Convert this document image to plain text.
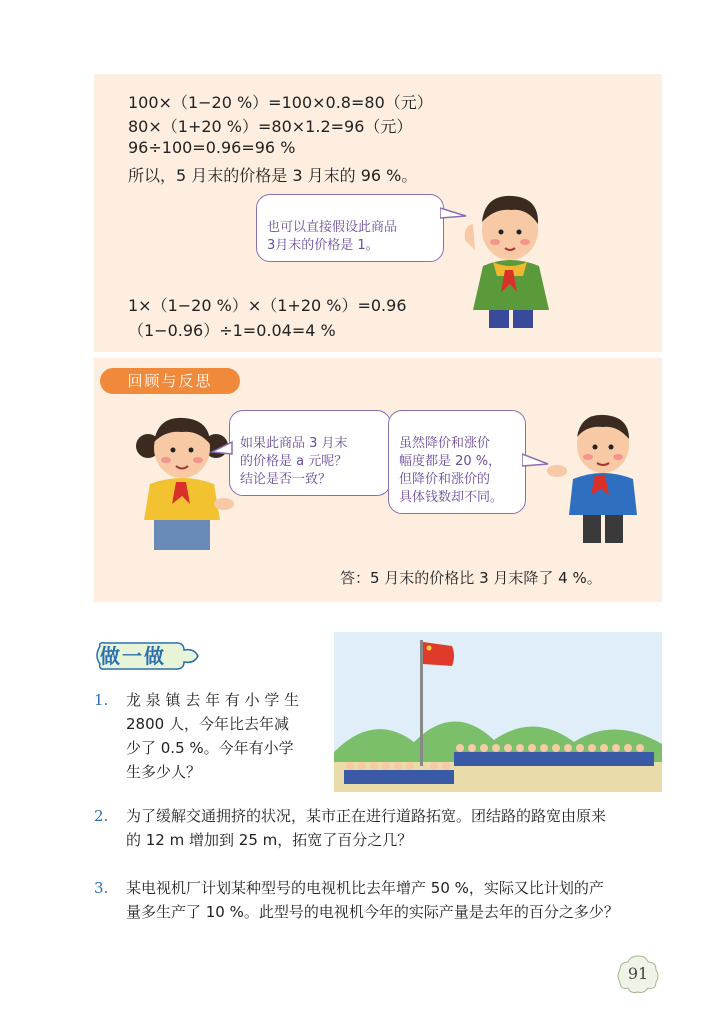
100×（1−20 %）=100×0.8=80（元）
80×（1+20 %）=80×1.2=96（元）
96÷100=0.96=96 %
所以，5 月末的价格是 3 月末的 96 %。

也可以直接假设此商品
3月末的价格是 1。

1×（1−20 %）×（1+20 %）=0.96
（1−0.96）÷1=0.04=4 %
回顾与反思

如果此商品 3 月末
的价格是 a 元呢？
结论是否一致？

虽然降价和涨价
幅度都是 20 %，
但降价和涨价的
具体钱数却不同。

答：5 月末的价格比 3 月末降了 4 %。
做一做
1. 龙 泉 镇 去 年 有 小 学 生
2800 人，今年比去年减
少了 0.5 %。今年有小学
生多少人？
2. 为了缓解交通拥挤的状况，某市正在进行道路拓宽。团结路的路宽由原来
的 12 m 增加到 25 m，拓宽了百分之几？
3. 某电视机厂计划某种型号的电视机比去年增产 50 %，实际又比计划的产
量多生产了 10 %。此型号的电视机今年的实际产量是去年的百分之多少？
91
